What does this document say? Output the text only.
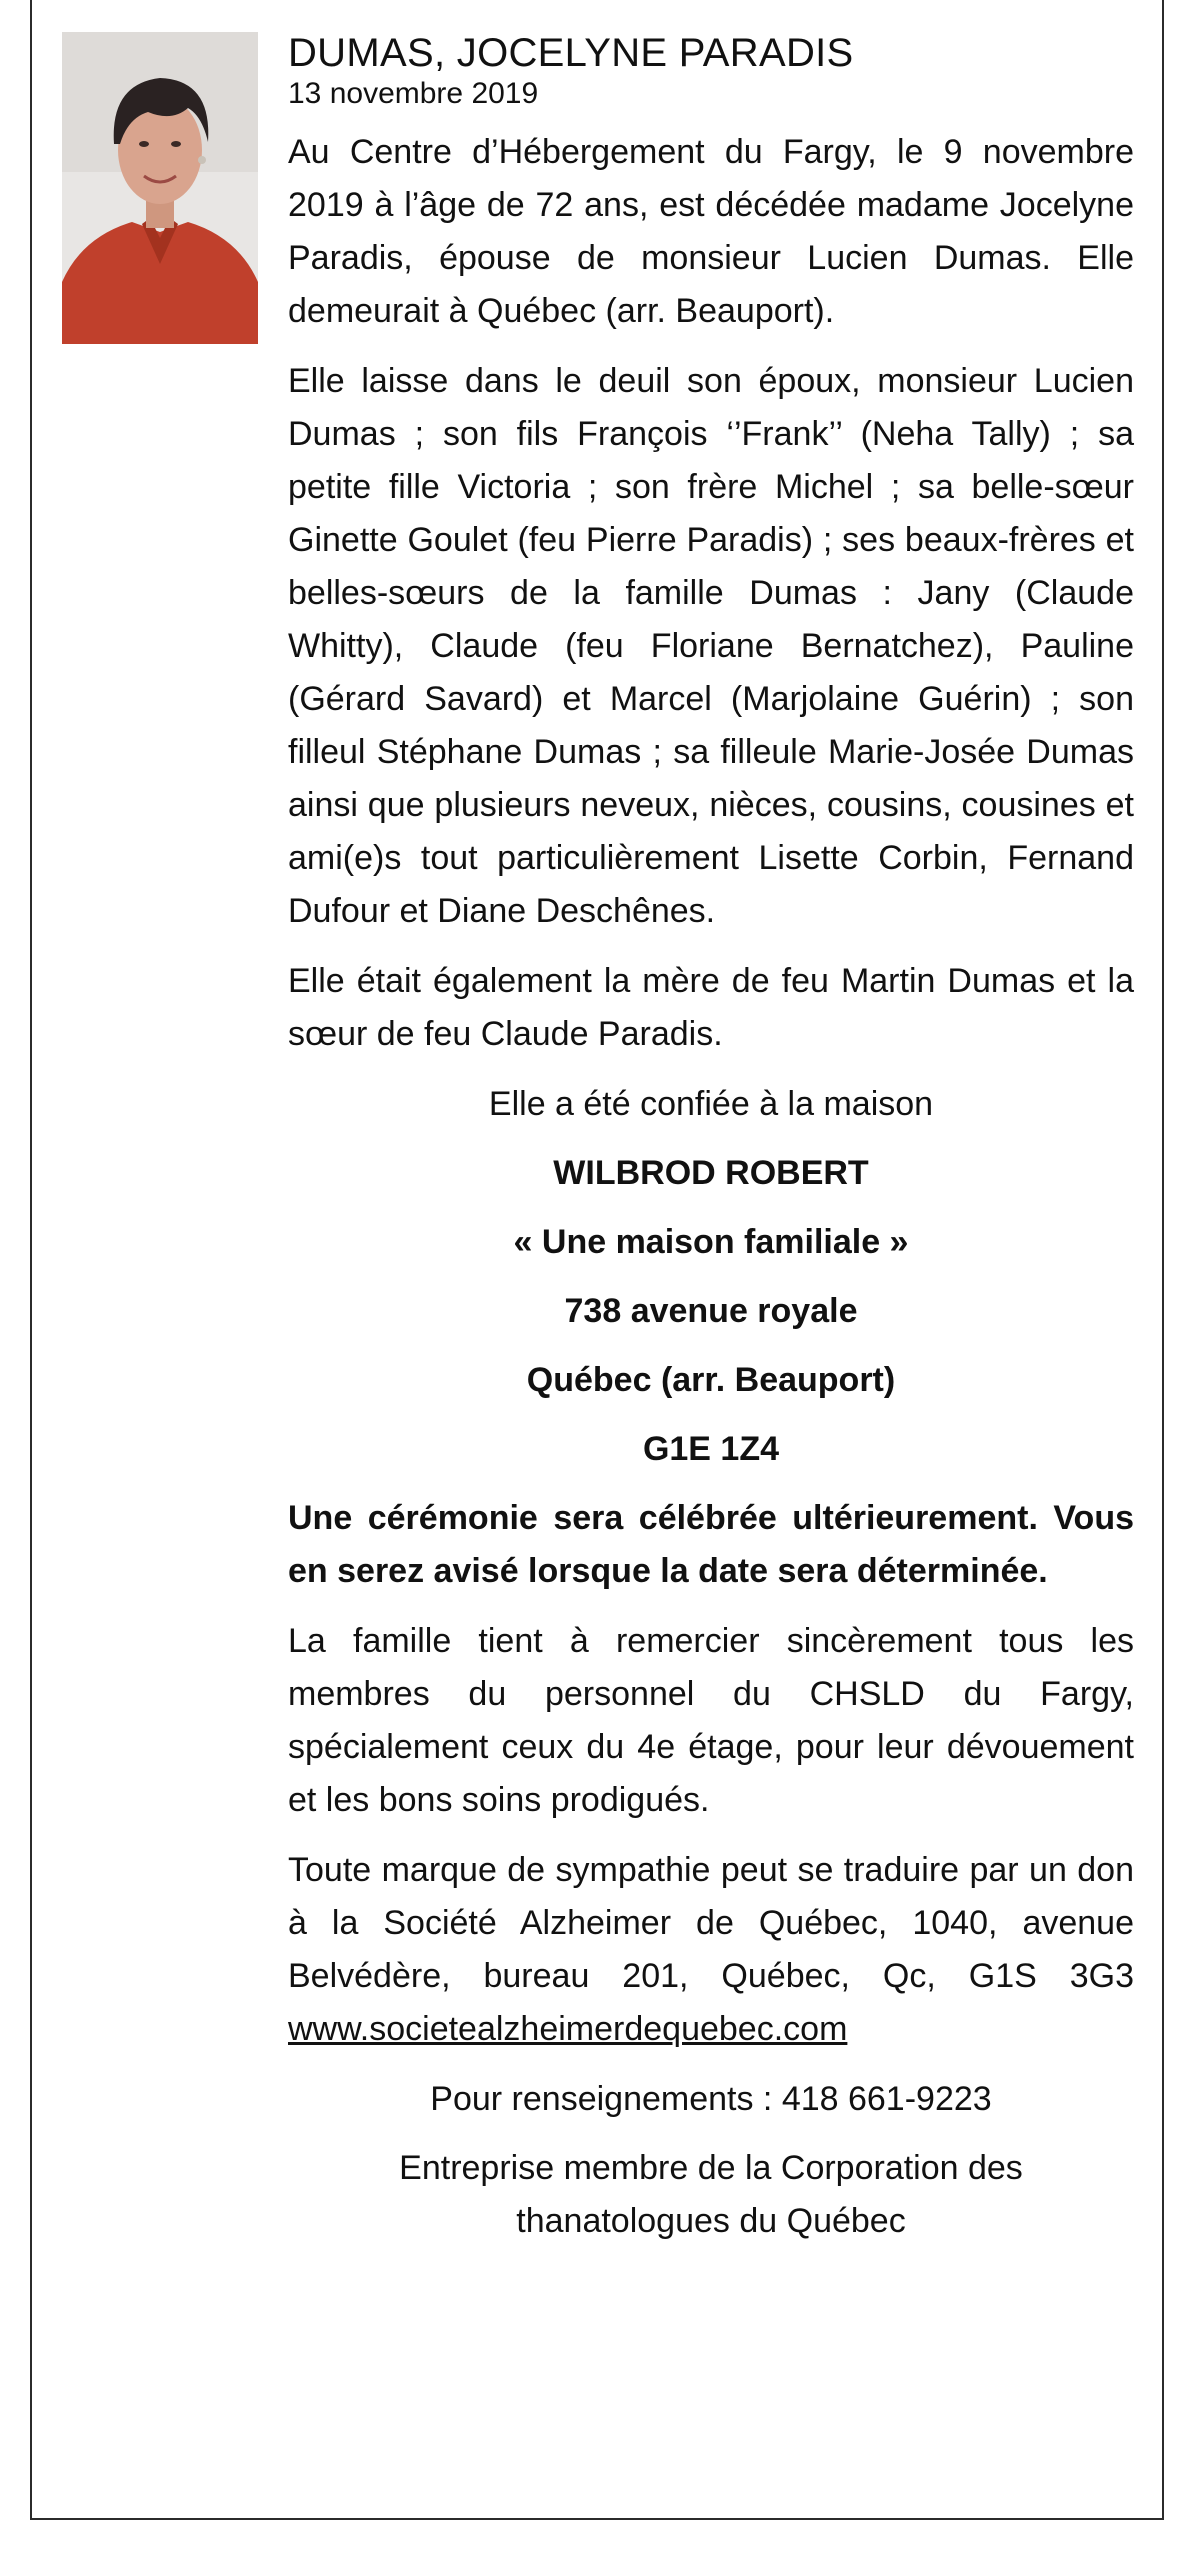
DUMAS, JOCELYNE PARADIS
13 novembre 2019

Au Centre d’Hébergement du Fargy, le 9 novembre 2019 à l’âge de 72 ans, est décédée madame Jocelyne Paradis, épouse de monsieur Lucien Dumas. Elle demeurait à Québec (arr. Beauport).

Elle laisse dans le deuil son époux, monsieur Lucien Dumas ; son fils François ‘’Frank’’ (Neha Tally) ; sa petite fille Victoria ; son frère Michel ; sa belle-sœur Ginette Goulet (feu Pierre Paradis) ; ses beaux-frères et belles-sœurs de la famille Dumas : Jany (Claude Whitty), Claude (feu Floriane Bernatchez), Pauline (Gérard Savard) et Marcel (Marjolaine Guérin) ; son filleul Stéphane Dumas ; sa filleule Marie-Josée Dumas ainsi que plusieurs neveux, nièces, cousins, cousines et ami(e)s tout particulièrement Lisette Corbin, Fernand Dufour et Diane Deschênes.

Elle était également la mère de feu Martin Dumas et la sœur de feu Claude Paradis.

Elle a été confiée à la maison
WILBROD ROBERT
« Une maison familiale »
738 avenue royale
Québec (arr. Beauport)
G1E 1Z4

Une cérémonie sera célébrée ultérieurement. Vous en serez avisé lorsque la date sera déterminée.

La famille tient à remercier sincèrement tous les membres du personnel du CHSLD du Fargy, spécialement ceux du 4e étage, pour leur dévouement et les bons soins prodigués.

Toute marque de sympathie peut se traduire par un don à la Société Alzheimer de Québec, 1040, avenue Belvédère, bureau 201, Québec, Qc, G1S 3G3 www.societealzheimerdequebec.com

Pour renseignements : 418 661-9223
Entreprise membre de la Corporation des
thanatologues du Québec
